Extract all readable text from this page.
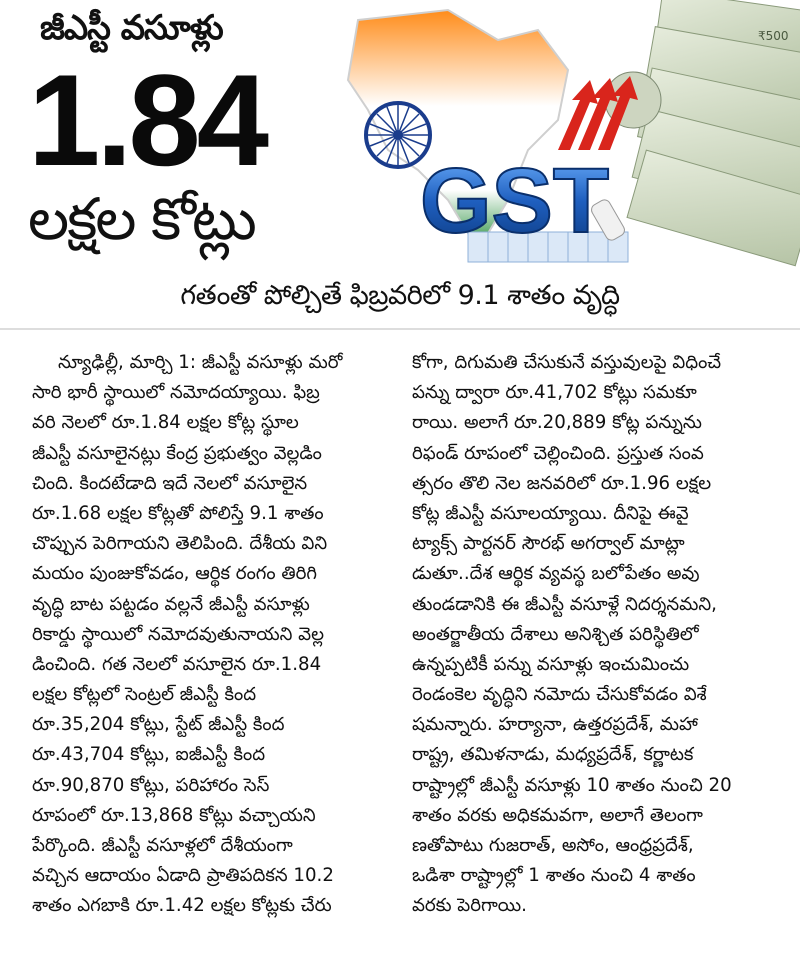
జీఎస్టీ వసూళ్లు
1.84
లక్షల కోట్లు
₹500
GST
గతంతో పోల్చితే ఫిబ్రవరిలో 9.1 శాతం వృద్ధి
న్యూఢిల్లీ, మార్చి 1: జీఎస్టీ వసూళ్లు మరో
సారి భారీ స్థాయిలో నమోదయ్యాయి. ఫిబ్ర
వరి నెలలో రూ.1.84 లక్షల కోట్ల స్థూల
జీఎస్టీ వసూలైనట్లు కేంద్ర ప్రభుత్వం వెల్లడిం
చింది. కిందటేడాది ఇదే నెలలో వసూలైన
రూ.1.68 లక్షల కోట్లతో పోలిస్తే 9.1 శాతం
చొప్పున పెరిగాయని తెలిపింది. దేశీయ విని
మయం పుంజుకోవడం, ఆర్థిక రంగం తిరిగి
వృద్ధి బాట పట్టడం వల్లనే జీఎస్టీ వసూళ్లు
రికార్డు స్థాయిలో నమోదవుతునాయని వెల్ల
డించింది. గత నెలలో వసూలైన రూ.1.84
లక్షల కోట్లలో సెంట్రల్ జీఎస్టీ కింద
రూ.35,204 కోట్లు, స్టేట్ జీఎస్టీ కింద
రూ.43,704 కోట్లు, ఐజీఎస్టీ కింద
రూ.90,870 కోట్లు, పరిహారం సెస్
రూపంలో రూ.13,868 కోట్లు వచ్చాయని
పేర్కొంది. జీఎస్టీ వసూళ్లలో దేశీయంగా
వచ్చిన ఆదాయం ఏడాది ప్రాతిపదికన 10.2
శాతం ఎగబాకి రూ.1.42 లక్షల కోట్లకు చేరు
కోగా, దిగుమతి చేసుకునే వస్తువులపై విధించే
పన్ను ద్వారా రూ.41,702 కోట్లు సమకూ
రాయి. అలాగే రూ.20,889 కోట్ల పన్నును
రిఫండ్ రూపంలో చెల్లించింది. ప్రస్తుత సంవ
త్సరం తొలి నెల జనవరిలో రూ.1.96 లక్షల
కోట్ల జీఎస్టీ వసూలయ్యాయి. దీనిపై ఈవై
ట్యాక్స్ పార్టనర్ సౌరభ్ అగర్వాల్ మాట్లా
డుతూ..దేశ ఆర్థిక వ్యవస్థ బలోపేతం అవు
తుండడానికి ఈ జీఎస్టీ వసూళ్లే నిదర్శనమని,
అంతర్జాతీయ దేశాలు అనిశ్చిత పరిస్థితిలో
ఉన్నప్పటికీ పన్ను వసూళ్లు ఇంచుమించు
రెండంకెల వృద్ధిని నమోదు చేసుకోవడం విశే
షమన్నారు. హర్యానా, ఉత్తరప్రదేశ్, మహా
రాష్ట్ర, తమిళనాడు, మధ్యప్రదేశ్, కర్ణాటక
రాష్ట్రాల్లో జీఎస్టీ వసూళ్లు 10 శాతం నుంచి 20
శాతం వరకు అధికమవగా, అలాగే తెలంగా
ణతోపాటు గుజరాత్, అసోం, ఆంధ్రప్రదేశ్,
ఒడిశా రాష్ట్రాల్లో 1 శాతం నుంచి 4 శాతం
వరకు పెరిగాయి.
